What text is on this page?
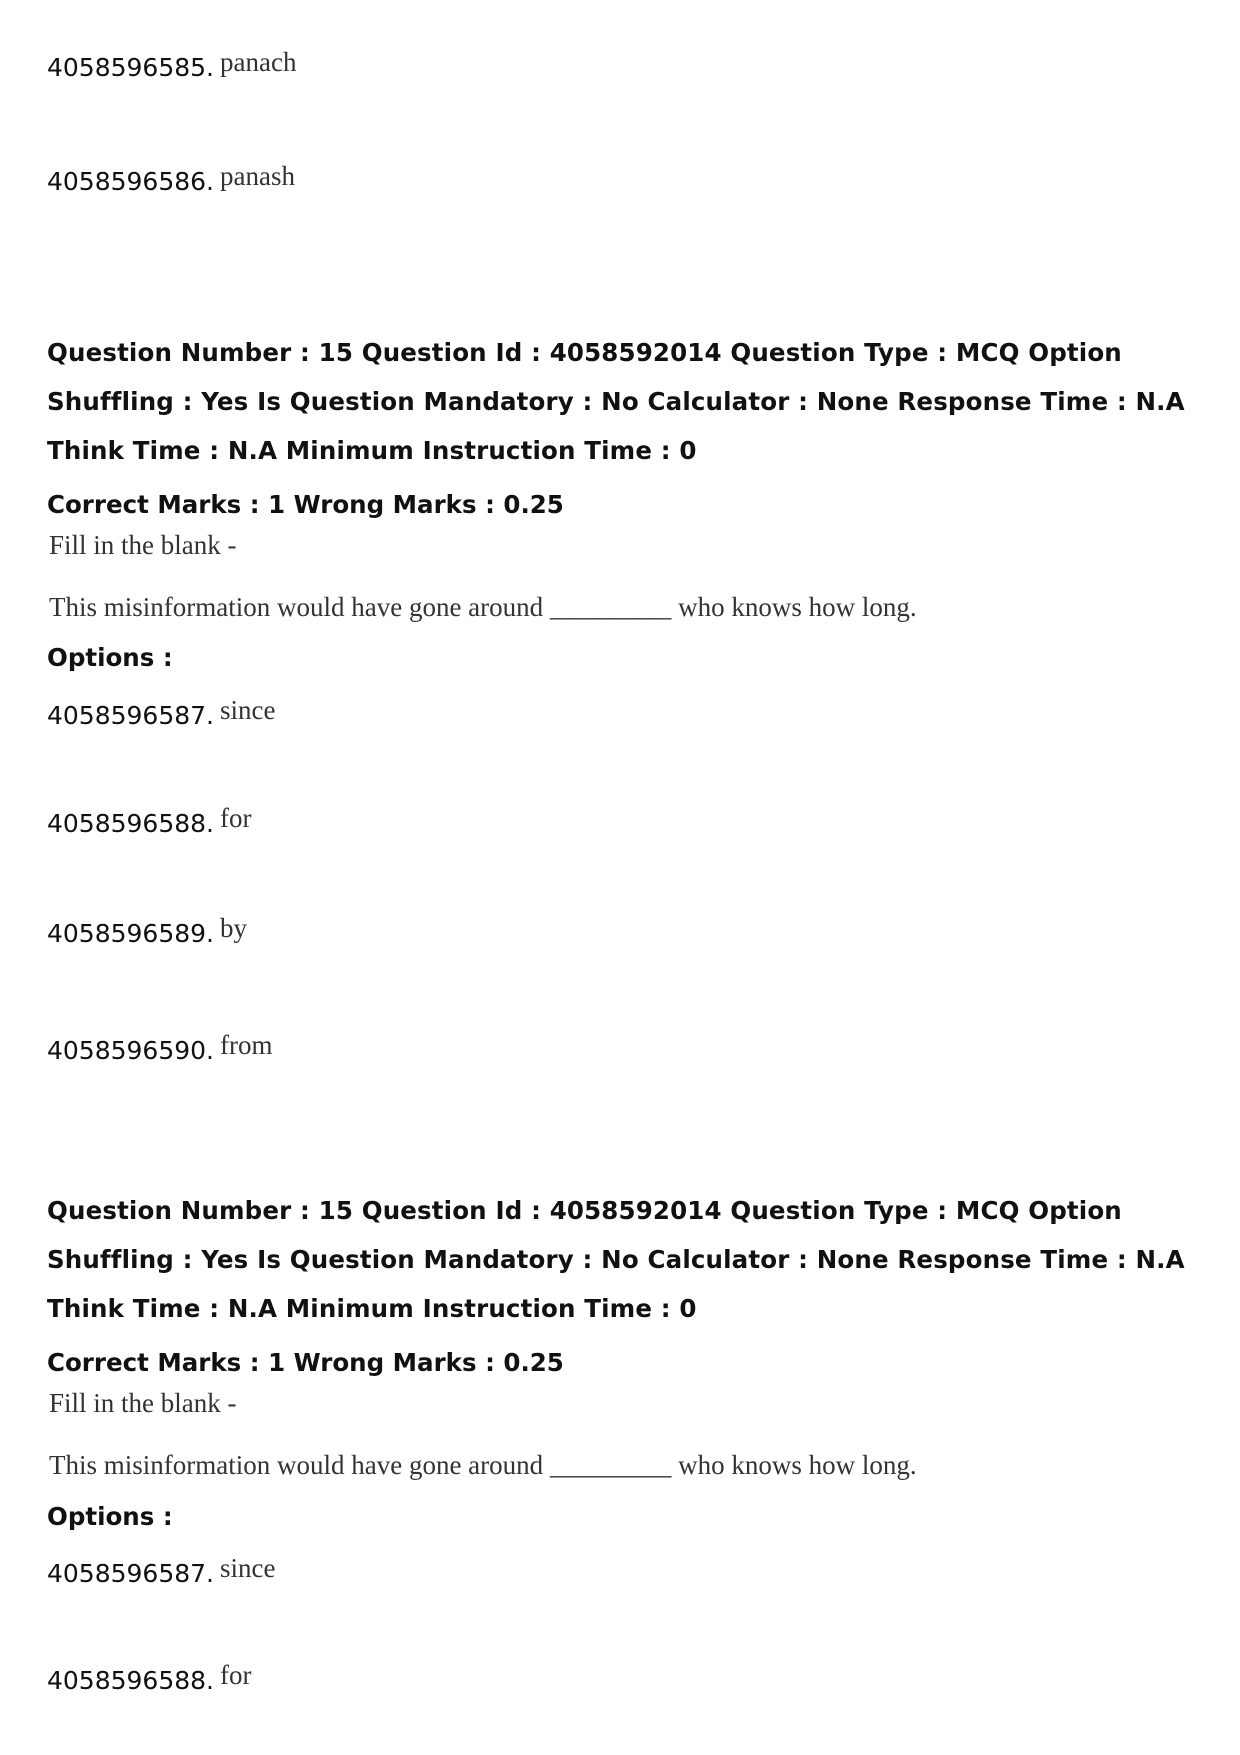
4058596585. panach
4058596586. panash
Question Number : 15 Question Id : 4058592014 Question Type : MCQ Option Shuffling : Yes Is Question Mandatory : No Calculator : None Response Time : N.A Think Time : N.A Minimum Instruction Time : 0
Correct Marks : 1 Wrong Marks : 0.25
Fill in the blank -
This misinformation would have gone around _________ who knows how long.
Options :
4058596587. since
4058596588. for
4058596589. by
4058596590. from
Question Number : 15 Question Id : 4058592014 Question Type : MCQ Option Shuffling : Yes Is Question Mandatory : No Calculator : None Response Time : N.A Think Time : N.A Minimum Instruction Time : 0
Correct Marks : 1 Wrong Marks : 0.25
Fill in the blank -
This misinformation would have gone around _________ who knows how long.
Options :
4058596587. since
4058596588. for
